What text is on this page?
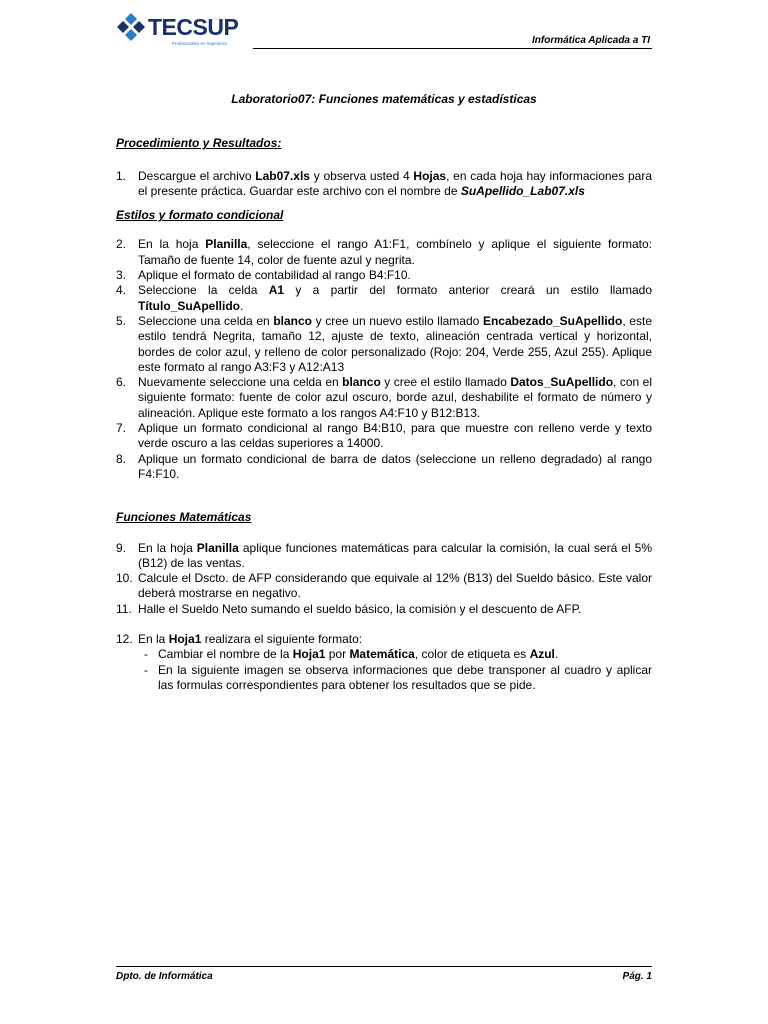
TECSUP
Profesionales en Ingeniería	Informática Aplicada a TI

Laboratorio07: Funciones matemáticas y estadísticas

Procedimiento y Resultados:
1. Descargue el archivo Lab07.xls y observa usted 4 Hojas, en cada hoja hay informaciones para el presente práctica. Guardar este archivo con el nombre de SuApellido_Lab07.xls
Estilos y formato condicional
2. En la hoja Planilla, seleccione el rango A1:F1, combínelo y aplique el siguiente formato: Tamaño de fuente 14, color de fuente azul y negrita.
3. Aplique el formato de contabilidad al rango B4:F10.
4. Seleccione la celda A1 y a partir del formato anterior creará un estilo llamado Título_SuApellido.
5. Seleccione una celda en blanco y cree un nuevo estilo llamado Encabezado_SuApellido, este estilo tendrá Negrita, tamaño 12, ajuste de texto, alineación centrada vertical y horizontal, bordes de color azul, y relleno de color personalizado (Rojo: 204, Verde 255, Azul 255). Aplique este formato al rango A3:F3 y A12:A13
6. Nuevamente seleccione una celda en blanco y cree el estilo llamado Datos_SuApellido, con el siguiente formato: fuente de color azul oscuro, borde azul, deshabilite el formato de número y alineación. Aplique este formato a los rangos A4:F10 y B12:B13.
7. Aplique un formato condicional al rango B4:B10, para que muestre con relleno verde y texto verde oscuro a las celdas superiores a 14000.
8. Aplique un formato condicional de barra de datos (seleccione un relleno degradado) al rango F4:F10.
Funciones Matemáticas
9. En la hoja Planilla aplique funciones matemáticas para calcular la comisión, la cual será el 5% (B12) de las ventas.
10. Calcule el Dscto. de AFP considerando que equivale al 12% (B13) del Sueldo básico. Este valor deberá mostrarse en negativo.
11. Halle el Sueldo Neto sumando el sueldo básico, la comisión y el descuento de AFP.
12. En la Hoja1 realizara el siguiente formato:
- Cambiar el nombre de la Hoja1 por Matemática, color de etiqueta es Azul.
- En la siguiente imagen se observa informaciones que debe transponer al cuadro y aplicar las formulas correspondientes para obtener los resultados que se pide.
Dpto. de Informática	Pág. 1
